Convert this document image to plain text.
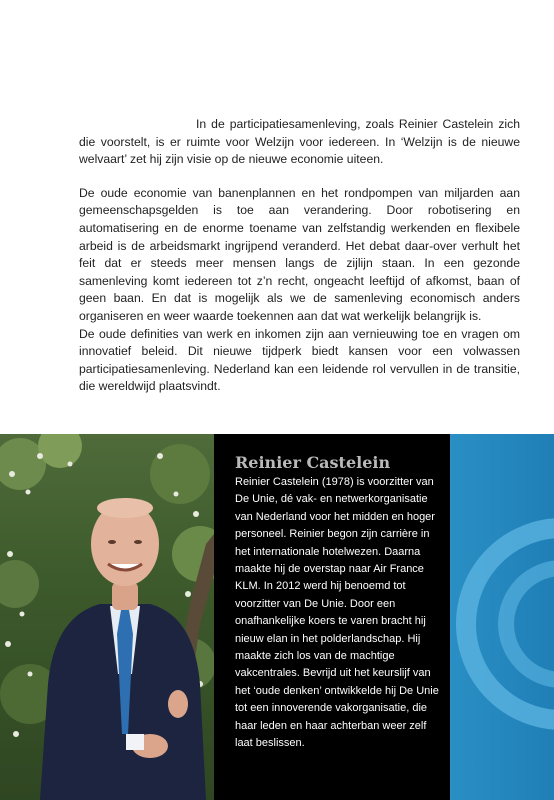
In de participatiesamenleving, zoals Reinier Castelein zich die voorstelt, is er ruimte voor Welzijn voor iedereen. In ‘Welzijn is de nieuwe welvaart’ zet hij zijn visie op de nieuwe economie uiteen.

De oude economie van banenplannen en het rondpompen van miljarden aan gemeenschapsgelden is toe aan verandering. Door robotisering en automatisering en de enorme toename van zelfstandig werkenden en flexibele arbeid is de arbeidsmarkt ingrijpend veranderd. Het debat daar-over verhult het feit dat er steeds meer mensen langs de zijlijn staan. In een gezonde samenleving komt iedereen tot z’n recht, ongeacht leeftijd of afkomst, baan of geen baan. En dat is mogelijk als we de samenleving economisch anders organiseren en weer waarde toekennen aan dat wat werkelijk belangrijk is.

De oude definities van werk en inkomen zijn aan vernieuwing toe en vragen om innovatief beleid. Dit nieuwe tijdperk biedt kansen voor een volwassen participatiesamenleving. Nederland kan een leidende rol vervullen in de transitie, die wereldwijd plaatsvindt.

Reinier Castelein
Reinier Castelein (1978) is voorzitter van De Unie, dé vak- en netwerkorganisatie van Nederland voor het midden en hoger personeel. Reinier begon zijn carrière in het internationale hotelwezen. Daarna maakte hij de overstap naar Air France KLM. In 2012 werd hij benoemd tot voorzitter van De Unie. Door een onafhankelijke koers te varen bracht hij nieuw elan in het polderlandschap. Hij maakte zich los van de machtige vakcentrales. Bevrijd uit het keurslijf van het ‘oude denken’ ontwikkelde hij De Unie tot een innoverende vakorganisatie, die haar leden en haar achterban weer zelf laat beslissen.
